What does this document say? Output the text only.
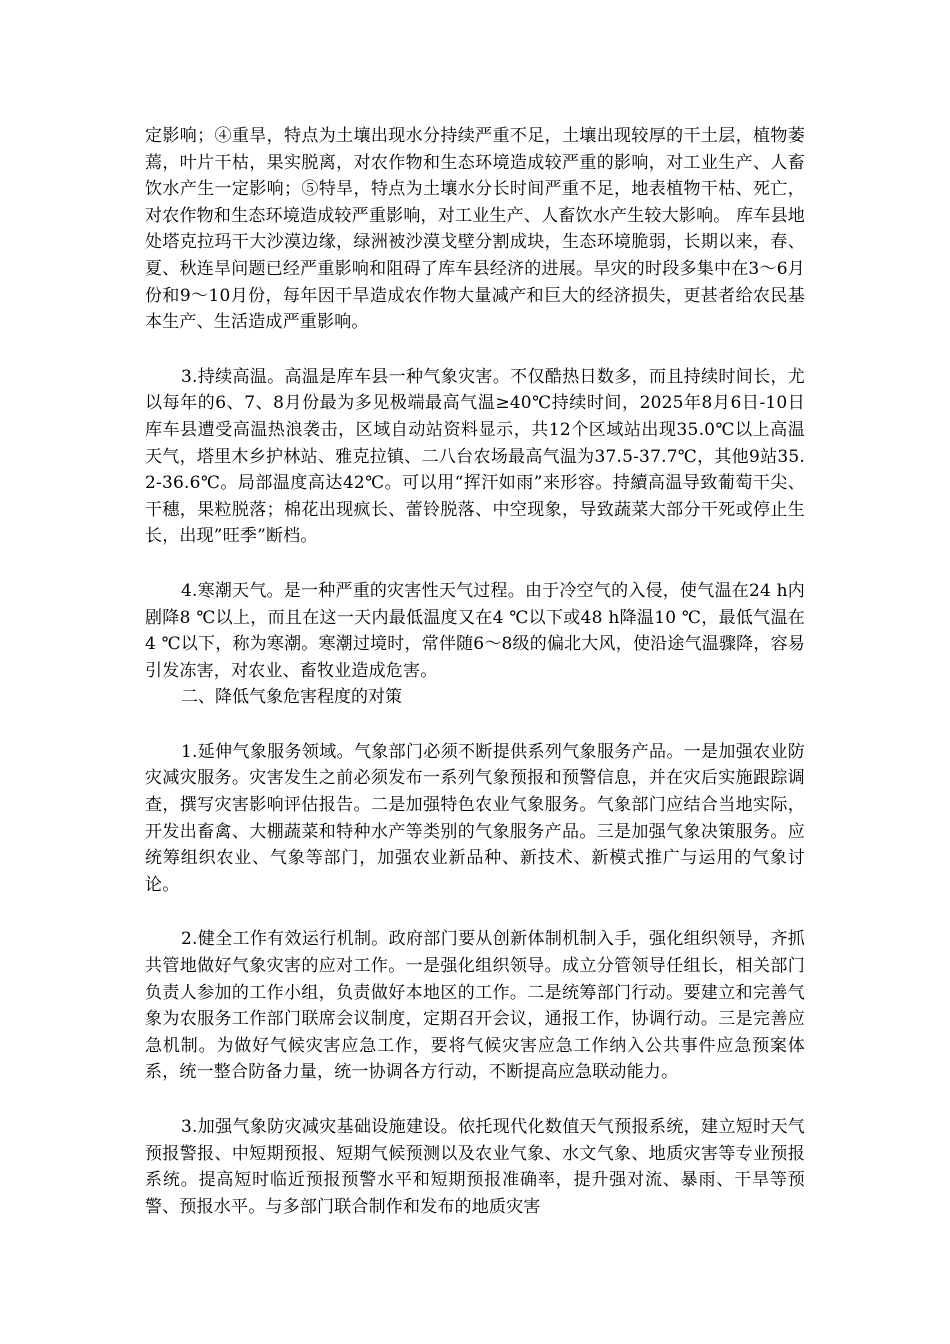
定影响；④重旱，特点为土壤出现水分持续严重不足，土壤出现较厚的干土层，植物萎蔫，叶片干枯，果实脱离，对农作物和生态环境造成较严重的影响，对工业生产、人畜饮水产生一定影响；⑤特旱，特点为土壤水分长时间严重不足，地表植物干枯、死亡，对农作物和生态环境造成较严重影响，对工业生产、人畜饮水产生较大影响。 库车县地处塔克拉玛干大沙漠边缘，绿洲被沙漠戈壁分割成块，生态环境脆弱，长期以来，春、夏、秋连旱问题已经严重影响和阻碍了库车县经济的进展。旱灾的时段多集中在3～6月份和9～10月份，每年因干旱造成农作物大量减产和巨大的经济损失，更甚者给农民基本生产、生活造成严重影响。

3.持续高温。高温是库车县一种气象灾害。不仅酷热日数多，而且持续时间长，尤以每年的6、7、8月份最为多见极端最高气温≥40℃持续时间，2025年8月6日-10日库车县遭受高温热浪袭击，区域自动站资料显示，共12个区域站出现35.0℃以上高温天气，塔里木乡护林站、雅克拉镇、二八台农场最高气温为37.5-37.7℃，其他9站35.2-36.6℃。局部温度高达42℃。可以用“挥汗如雨”来形容。持續高温导致葡萄干尖、干穗，果粒脱落；棉花出现疯长、蕾铃脱落、中空现象，导致蔬菜大部分干死或停止生长，出现”旺季”断档。

4.寒潮天气。是一种严重的灾害性天气过程。由于冷空气的入侵，使气温在24 h内剧降8 ℃以上，而且在这一天内最低温度又在4 ℃以下或48 h降温10 ℃，最低气温在4 ℃以下，称为寒潮。寒潮过境时，常伴随6～8级的偏北大风，使沿途气温骤降，容易引发冻害，对农业、畜牧业造成危害。

二、降低气象危害程度的对策

1.延伸气象服务领域。气象部门必须不断提供系列气象服务产品。一是加强农业防灾减灾服务。灾害发生之前必须发布一系列气象预报和预警信息，并在灾后实施跟踪调查，撰写灾害影响评估报告。二是加强特色农业气象服务。气象部门应结合当地实际，开发出畜禽、大棚蔬菜和特种水产等类别的气象服务产品。三是加强气象决策服务。应统筹组织农业、气象等部门，加强农业新品种、新技术、新模式推广与运用的气象讨论。

2.健全工作有效运行机制。政府部门要从创新体制机制入手，强化组织领导，齐抓共管地做好气象灾害的应对工作。一是强化组织领导。成立分管领导任组长，相关部门负责人参加的工作小组，负责做好本地区的工作。二是统筹部门行动。要建立和完善气象为农服务工作部门联席会议制度，定期召开会议，通报工作，协调行动。三是完善应急机制。为做好气候灾害应急工作，要将气候灾害应急工作纳入公共事件应急预案体系，统一整合防备力量，统一协调各方行动，不断提高应急联动能力。

3.加强气象防灾减灾基础设施建设。依托现代化数值天气预报系统，建立短时天气预报警报、中短期预报、短期气候预测以及农业气象、水文气象、地质灾害等专业预报系统。提高短时临近预报预警水平和短期预报准确率，提升强对流、暴雨、干旱等预警、预报水平。与多部门联合制作和发布的地质灾害
